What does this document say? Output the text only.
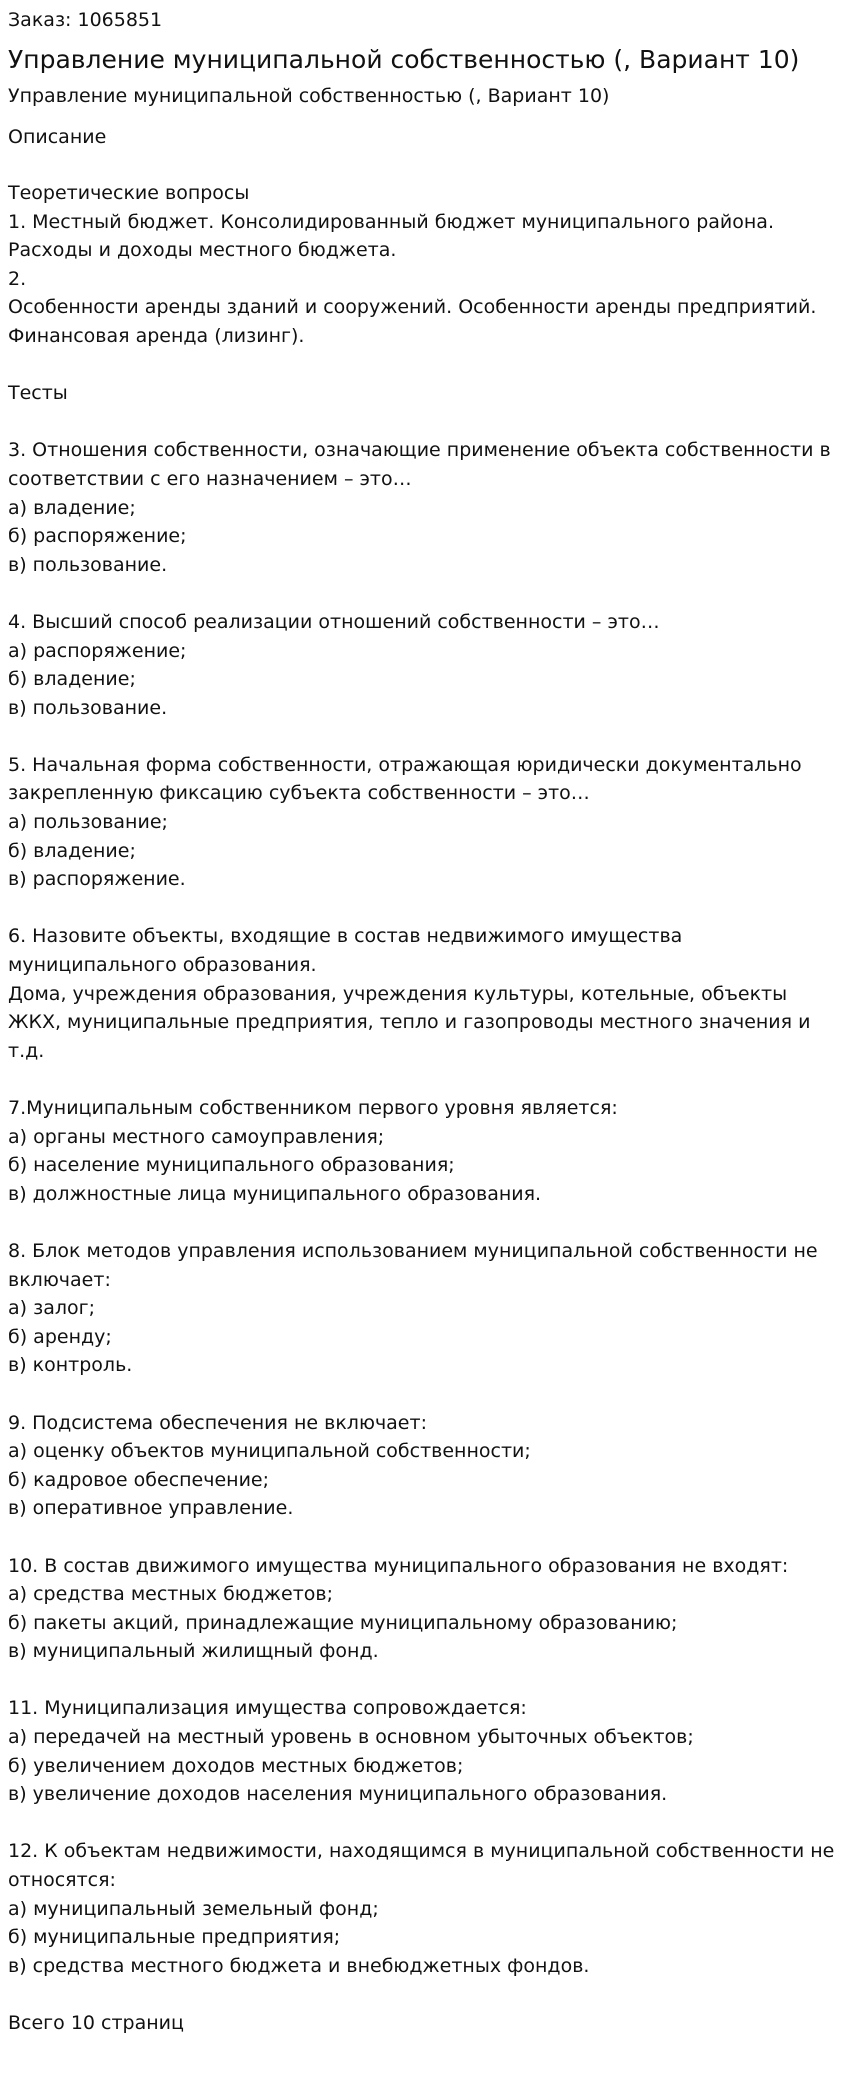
Заказ: 1065851

Управление муниципальной собственностью (, Вариант 10)

Управление муниципальной собственностью (, Вариант 10)

Описание

Теоретические вопросы
1. Местный бюджет. Консолидированный бюджет муниципального района.
Расходы и доходы местного бюджета.
2.
Особенности аренды зданий и сооружений. Особенности аренды предприятий.
Финансовая аренда (лизинг).

Тесты

3. Отношения собственности, означающие применение объекта собственности в
соответствии с его назначением – это…
а) владение;
б) распоряжение;
в) пользование.

4. Высший способ реализации отношений собственности – это…
а) распоряжение;
б) владение;
в) пользование.

5. Начальная форма собственности, отражающая юридически документально
закрепленную фиксацию субъекта собственности – это…
а) пользование;
б) владение;
в) распоряжение.

6. Назовите объекты, входящие в состав недвижимого имущества
муниципального образования.
Дома, учреждения образования, учреждения культуры, котельные, объекты
ЖКХ, муниципальные предприятия, тепло и газопроводы местного значения и
т.д.

7.Муниципальным собственником первого уровня является:
а) органы местного самоуправления;
б) население муниципального образования;
в) должностные лица муниципального образования.

8. Блок методов управления использованием муниципальной собственности не
включает:
а) залог;
б) аренду;
в) контроль.

9. Подсистема обеспечения не включает:
а) оценку объектов муниципальной собственности;
б) кадровое обеспечение;
в) оперативное управление.

10. В состав движимого имущества муниципального образования не входят:
а) средства местных бюджетов;
б) пакеты акций, принадлежащие муниципальному образованию;
в) муниципальный жилищный фонд.

11. Муниципализация имущества сопровождается:
а) передачей на местный уровень в основном убыточных объектов;
б) увеличением доходов местных бюджетов;
в) увеличение доходов населения муниципального образования.

12. К объектам недвижимости, находящимся в муниципальной собственности не
относятся:
а) муниципальный земельный фонд;
б) муниципальные предприятия;
в) средства местного бюджета и внебюджетных фондов.

Всего 10 страниц
